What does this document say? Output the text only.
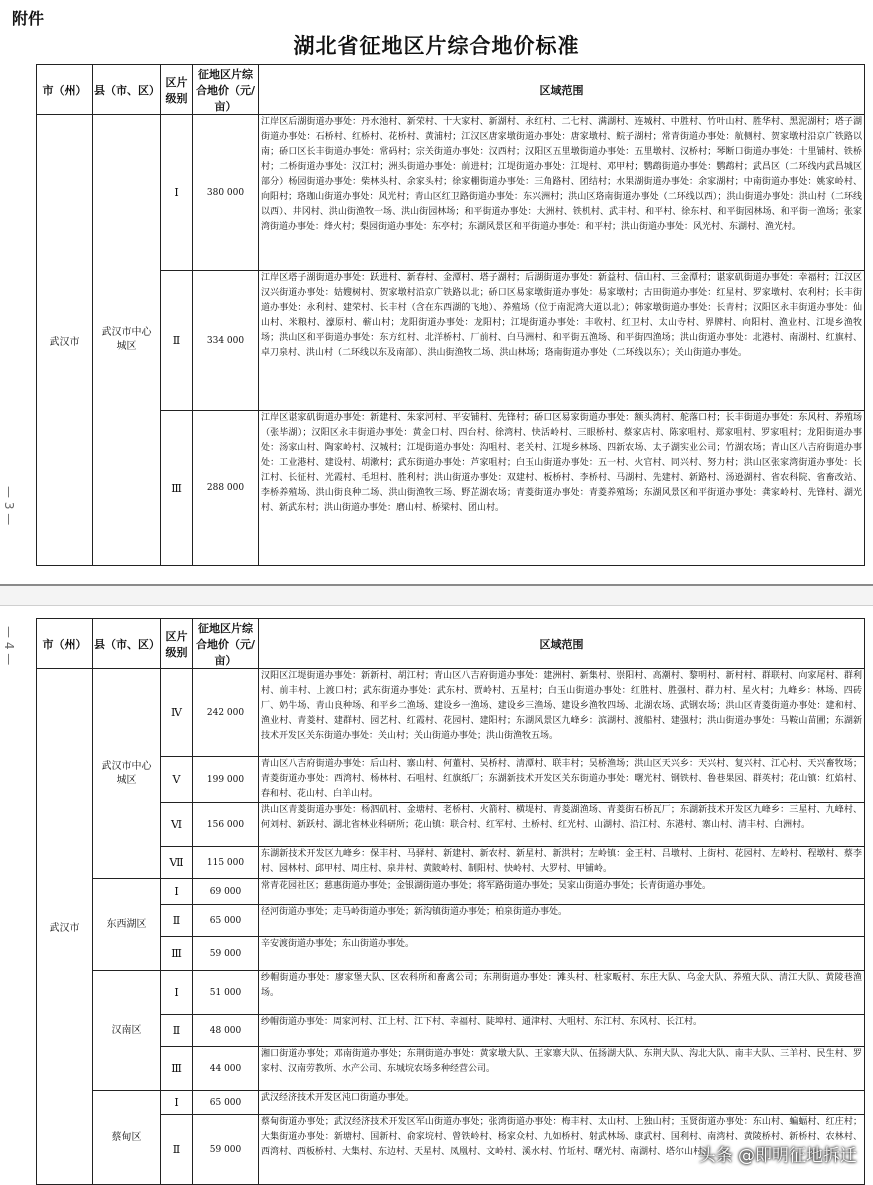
附件
湖北省征地区片综合地价标准
— 3 —
市（州）	县（市、区）	区片级别	征地区片综合地价（元/亩）	区域范围
武汉市	武汉市中心城区	Ⅰ	380 000	江岸区后湖街道办事处：丹水池村、新荣村、十大家村、新湖村、永红村、二七村、满湖村、连城村、中胜村、竹叶山村、胜华村、黑泥湖村；塔子湖街道办事处：石桥村、红桥村、花桥村、黄浦村；江汉区唐家墩街道办事处：唐家墩村、鲩子湖村；常青街道办事处：航侧村、贺家墩村沿京广铁路以南；硚口区长丰街道办事处：常码村；宗关街道办事处：汉西村；汉阳区五里墩街道办事处：五里墩村、汉桥村；琴断口街道办事处：十里铺村、铁桥村；二桥街道办事处：汉江村；洲头街道办事处：前进村；江堤街道办事处：江堤村、邓甲村；鹦鹉街道办事处：鹦鹉村；武昌区（二环线内武昌城区部分）杨园街道办事处：柴林头村、余家头村；徐家棚街道办事处：三角路村、团结村；水果湖街道办事处：余家湖村；中南街道办事处：姚家岭村、向阳村；珞珈山街道办事处：风光村；青山区红卫路街道办事处：东兴洲村；洪山区珞南街道办事处（二环线以西）；洪山街道办事处：洪山村（二环线以西）、井冈村、洪山街渔牧一场、洪山街园林场；和平街道办事处：大洲村、铁机村、武丰村、和平村、徐东村、和平街园林场、和平街一渔场；张家湾街道办事处：烽火村；梨园街道办事处：东亭村；东湖风景区和平街道办事处：和平村；洪山街道办事处：风光村、东湖村、渔光村。
		Ⅱ	334 000	江岸区塔子湖街道办事处：跃进村、新春村、金潭村、塔子湖村；后湖街道办事处：新益村、信山村、三金潭村；谌家矶街道办事处：幸福村；江汉区汉兴街道办事处：姑嫂树村、贺家墩村沿京广铁路以北；硚口区易家墩街道办事处：易家墩村；古田街道办事处：红星村、罗家墩村、农利村；长丰街道办事处：永利村、建荣村、长丰村（含在东西湖的飞地）、养殖场（位于南泥湾大道以北）；韩家墩街道办事处：长青村；汉阳区永丰街道办事处：仙山村、米粮村、濠原村、蕲山村；龙阳街道办事处：龙阳村；江堤街道办事处：丰收村、红卫村、太山寺村、界牌村、向阳村、渔业村、江堤乡渔牧场；洪山区和平街道办事处：东方红村、北洋桥村、厂前村、白马洲村、和平街五渔场、和平街四渔场；洪山街道办事处：北港村、南湖村、红旗村、卓刀泉村、洪山村（二环线以东及南部）、洪山街渔牧二场、洪山林场；珞南街道办事处（二环线以东）；关山街道办事处。
		Ⅲ	288 000	江岸区谌家矶街道办事处：新建村、朱家河村、平安铺村、先锋村；硚口区易家街道办事处：额头湾村、舵落口村；长丰街道办事处：东风村、养殖场（张毕湖）；汉阳区永丰街道办事处：黄金口村、四台村、徐湾村、快活岭村、三眼桥村、蔡家店村、陈家咀村、郑家咀村、罗家咀村；龙阳街道办事处：汤家山村、陶家岭村、汉城村；江堤街道办事处：沟咀村、老关村、江堤乡林场、四新农场、太子湖实业公司；竹湖农场；青山区八吉府街道办事处：工业港村、建设村、胡漱村；武东街道办事处：芦家咀村；白玉山街道办事处：五一村、火官村、同兴村、努力村；洪山区张家湾街道办事处：长江村、长征村、光霞村、毛坦村、胜利村；洪山街道办事处：双建村、板桥村、李桥村、马湖村、先建村、新路村、汤逊湖村、省农科院、省畜改站、李桥养殖场、洪山街良种二场、洪山街渔牧三场、野芷湖农场；青菱街道办事处：青菱养殖场；东湖风景区和平街道办事处：龚家岭村、先锋村、湖光村、新武东村；洪山街道办事处：磨山村、桥梁村、团山村。
— 4 — 市（州）	县（市、区）	区片级别	征地区片综合地价（元/亩）	区域范围
武汉市	武汉市中心城区	Ⅳ	242 000	汉阳区江堤街道办事处：新新村、胡江村；青山区八吉府街道办事处：建洲村、新集村、崇阳村、高潮村、黎明村、新村村、群联村、向家尾村、群利村、前丰村、上渡口村；武东街道办事处：武东村、贾岭村、五星村；白玉山街道办事处：红胜村、胜强村、群力村、星火村；九峰乡：林场、四砖厂、奶牛场、青山良种场、和平乡二渔场、建设乡一渔场、建设乡三渔场、建设乡渔牧四场、北湖农场、武钢农场；洪山区青菱街道办事处：建和村、渔业村、青菱村、建群村、园艺村、红霞村、花园村、建阳村；东湖风景区九峰乡：滨湖村、渡船村、建强村；洪山街道办事处：马鞍山苗圃；东湖新技术开发区关东街道办事处：关山村；关山街道办事处；洪山街渔牧五场。
		Ⅴ	199 000	青山区八吉府街道办事处：后山村、寨山村、何董村、吴桥村、清潭村、联丰村；吴桥渔场；洪山区天兴乡：天兴村、复兴村、江心村、天兴畜牧场；青菱街道办事处：西湾村、杨林村、石咀村、红旗纸厂；东湖新技术开发区关东街道办事处：曙光村、钢铁村、鲁巷果园、群英村；花山镇：红焰村、春和村、花山村、白羊山村。
		Ⅵ	156 000	洪山区青菱街道办事处：杨泗矶村、金塘村、老桥村、火箭村、横堤村、青菱湖渔场、青菱街石桥瓦厂；东湖新技术开发区九峰乡：三星村、九峰村、何刘村、新跃村、湖北省林业科研所；花山镇：联合村、红军村、土桥村、红光村、山湖村、沿江村、东港村、寨山村、清丰村、白洲村。
		Ⅶ	115 000	东湖新技术开发区九峰乡：保丰村、马驿村、新建村、新农村、新星村、新洪村；左岭镇：金王村、吕墩村、上街村、花园村、左岭村、程墩村、蔡李村、园林村、邱甲村、周庄村、泉井村、黄陂岭村、制阳村、快岭村、大罗村、甲铺岭。
	东西湖区	Ⅰ	69 000	常青花园社区；慈惠街道办事处；金银湖街道办事处；将军路街道办事处；吴家山街道办事处；长青街道办事处。
		Ⅱ	65 000	径河街道办事处；走马岭街道办事处；新沟镇街道办事处；柏泉街道办事处。
		Ⅲ	59 000	辛安渡街道办事处；东山街道办事处。
	汉南区	Ⅰ	51 000	纱帽街道办事处：廖家堡大队、区农科所和畜禽公司；东荆街道办事处：滩头村、杜家畈村、东庄大队、乌金大队、养殖大队、清江大队、黄陵巷渔场。
		Ⅱ	48 000	纱帽街道办事处：周家河村、江上村、江下村、幸福村、陡埠村、通津村、大咀村、东江村、东风村、长江村。
		Ⅲ	44 000	湘口街道办事处；邓南街道办事处；东荆街道办事处：黄家墩大队、王家寨大队、伍扬湖大队、东荆大队、沟北大队、南丰大队、三羊村、民生村、罗家村、汉南劳教所、水产公司、东城垸农场多种经营公司。
	蔡甸区	Ⅰ	65 000	武汉经济技术开发区沌口街道办事处。
		Ⅱ	59 000	蔡甸街道办事处；武汉经济技术开发区军山街道办事处；张湾街道办事处：梅丰村、太山村、上独山村；玉贤街道办事处：东山村、蝙蝠村、红庄村；大集街道办事处：新塘村、国新村、俞家垸村、曾铁岭村、杨家众村、九如桥村、射武林场、康武村、国利村、南湾村、黄陵桥村、新桥村、农林村、西湾村、西板桥村、大集村、东边村、天星村、凤凰村、文岭村、溪水村、竹坵村、曙光村、南湖村、塔尔山村。
头条 @即明征地拆迁
